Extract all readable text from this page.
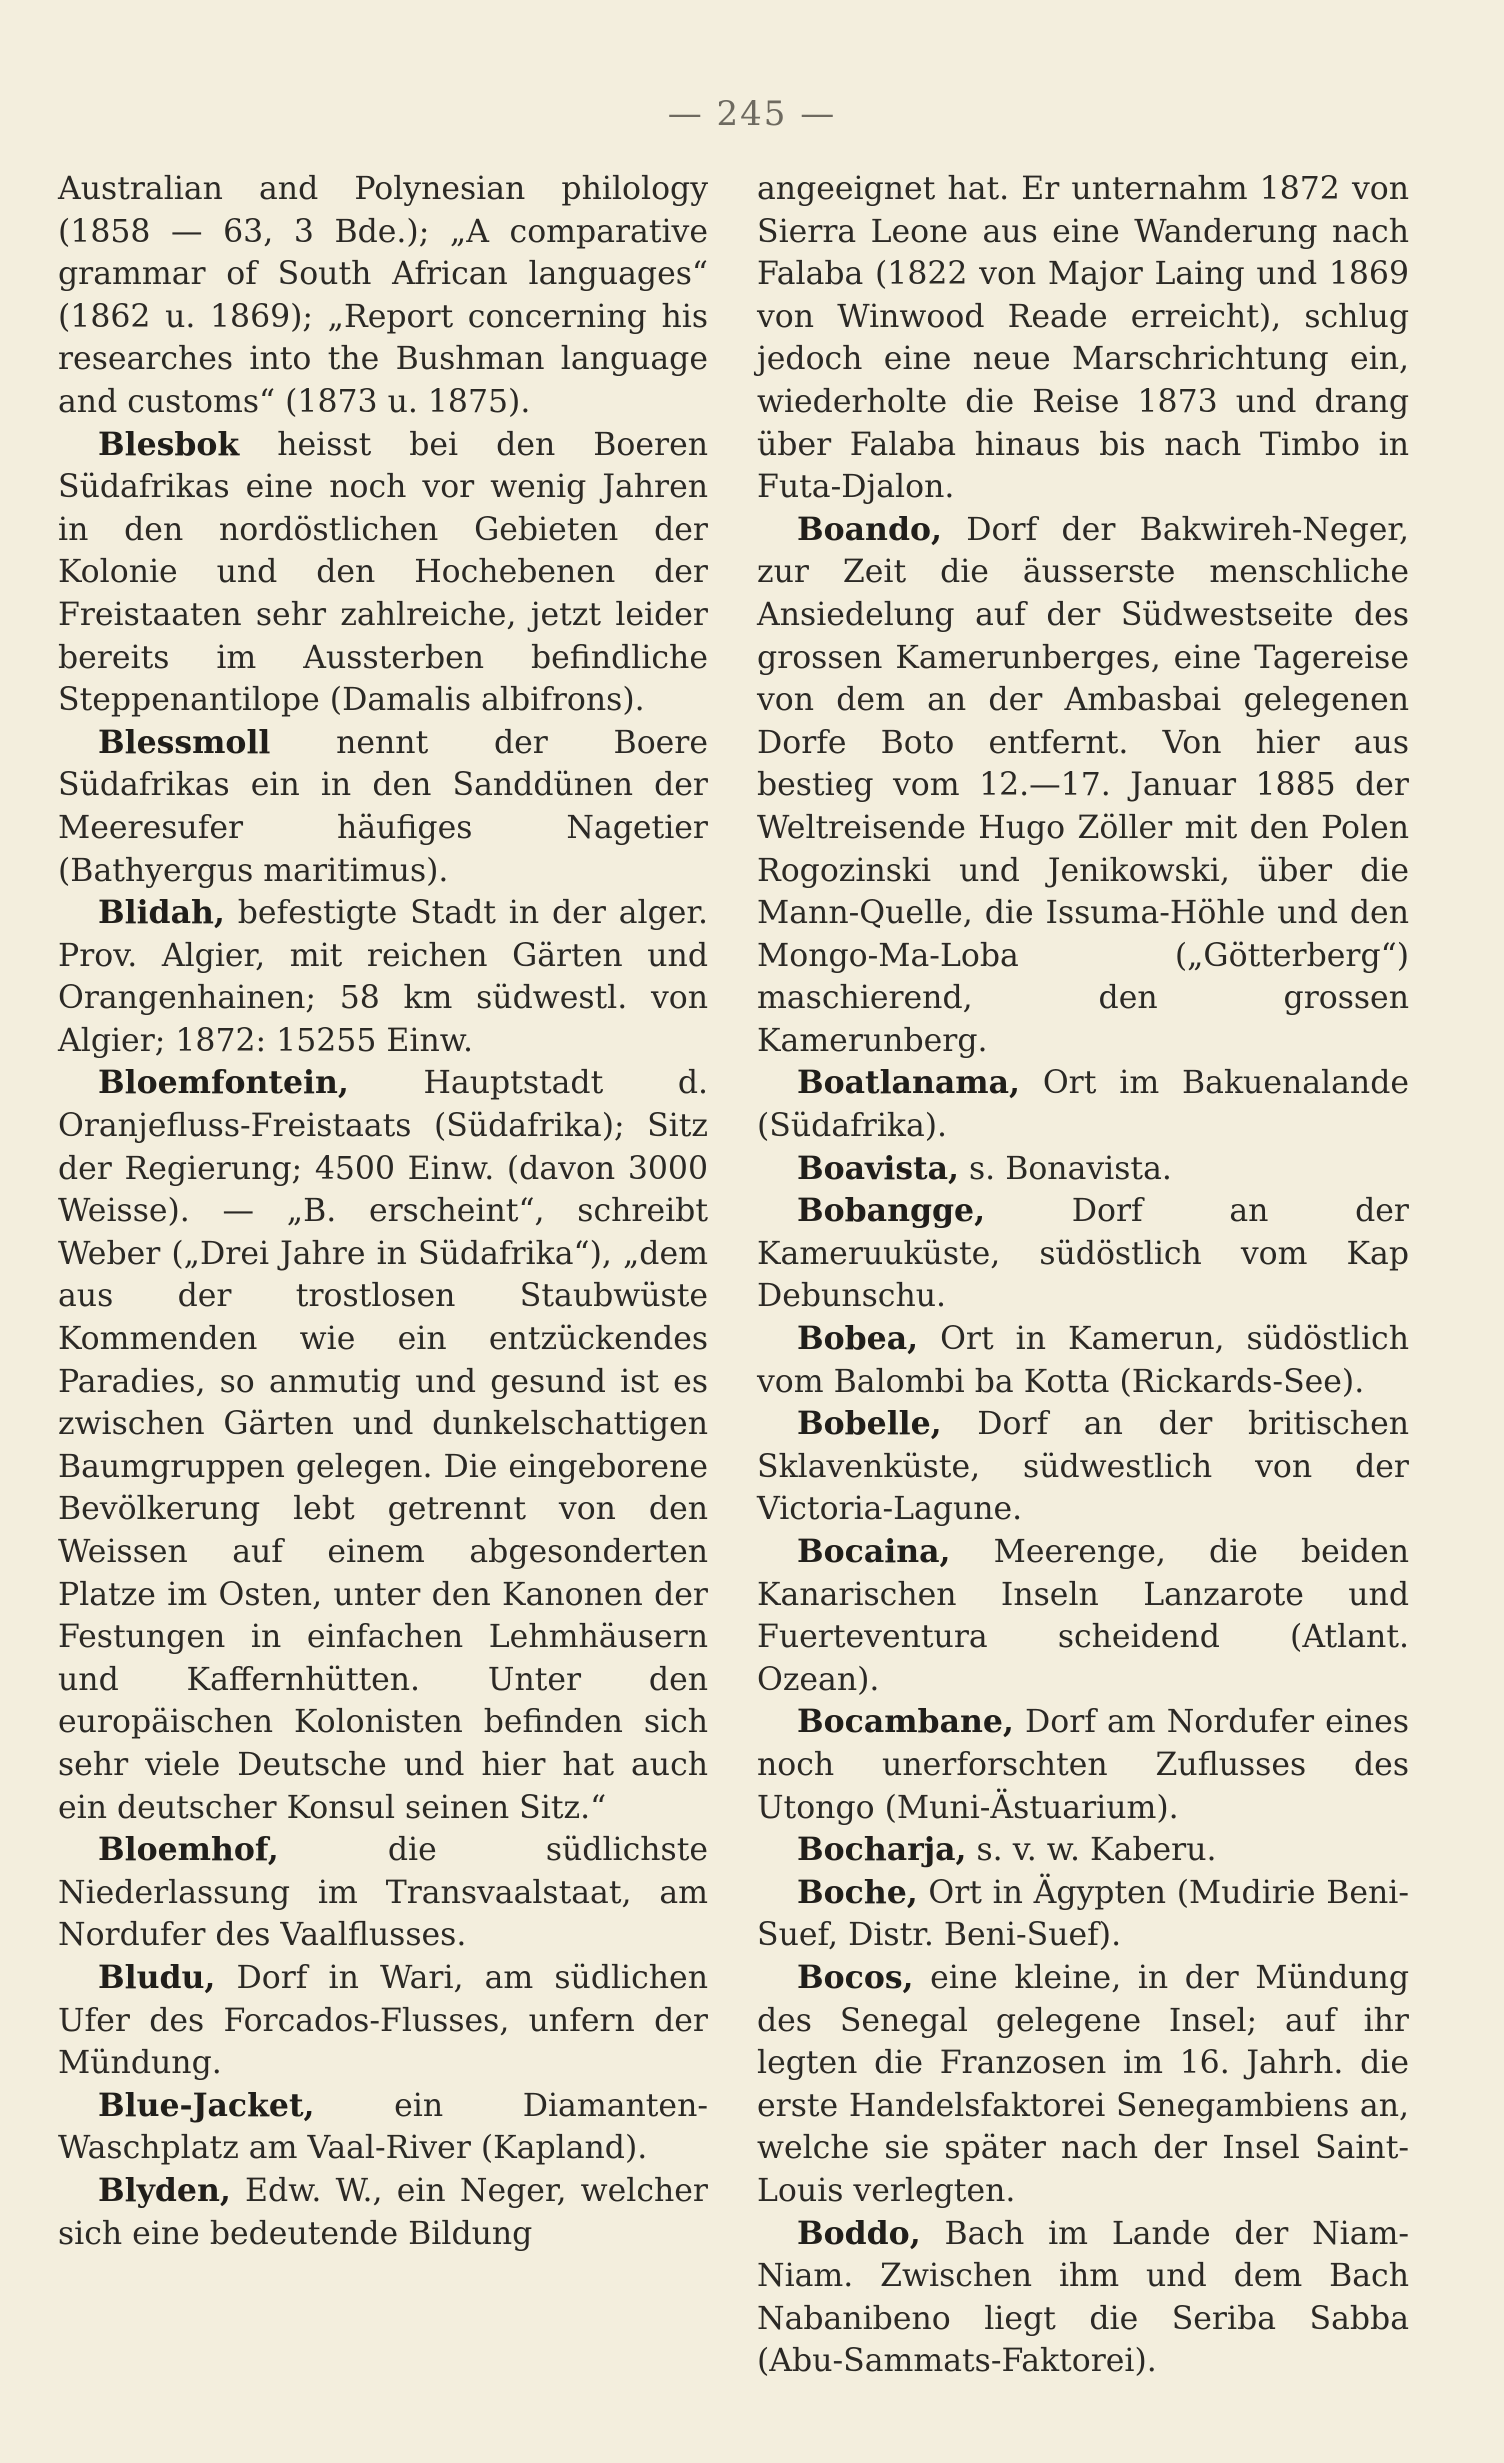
— 245 —

Australian and Polynesian philology (1858 — 63, 3 Bde.); „A comparative grammar of South African languages“ (1862 u. 1869); „Report concerning his researches into the Bushman language and customs“ (1873 u. 1875).

Blesbok heisst bei den Boeren Südafrikas eine noch vor wenig Jahren in den nordöstlichen Gebieten der Kolonie und den Hochebenen der Freistaaten sehr zahlreiche, jetzt leider bereits im Aussterben befindliche Steppenantilope (Damalis albifrons).

Blessmoll nennt der Boere Südafrikas ein in den Sanddünen der Meeresufer häufiges Nagetier (Bathyergus maritimus).

Blidah, befestigte Stadt in der alger. Prov. Algier, mit reichen Gärten und Orangenhainen; 58 km südwestl. von Algier; 1872: 15255 Einw.

Bloemfontein, Hauptstadt d. Oranjefluss-Freistaats (Südafrika); Sitz der Regierung; 4500 Einw. (davon 3000 Weisse). — „B. erscheint“, schreibt Weber („Drei Jahre in Südafrika“), „dem aus der trostlosen Staubwüste Kommenden wie ein entzückendes Paradies, so anmutig und gesund ist es zwischen Gärten und dunkelschattigen Baumgruppen gelegen. Die eingeborene Bevölkerung lebt getrennt von den Weissen auf einem abgesonderten Platze im Osten, unter den Kanonen der Festungen in einfachen Lehmhäusern und Kaffernhütten. Unter den europäischen Kolonisten befinden sich sehr viele Deutsche und hier hat auch ein deutscher Konsul seinen Sitz.“

Bloemhof,	die südlichste Niederlassung im Transvaalstaat, am Nordufer des Vaalflusses.

Bludu, Dorf in Wari, am südlichen Ufer des Forcados-Flusses, unfern der Mündung.

Blue-Jacket,	ein Diamanten-Waschplatz am Vaal-River (Kapland).

Blyden, Edw. W., ein Neger, welcher sich eine bedeutende Bildung

angeeignet hat. Er unternahm 1872 von Sierra Leone aus eine Wanderung nach Falaba (1822 von Major Laing und 1869 von Winwood Reade erreicht), schlug jedoch eine neue Marschrichtung ein, wiederholte die Reise 1873 und drang über Falaba hinaus bis nach Timbo in Futa-Djalon.

Boando, Dorf der Bakwireh-Neger, zur Zeit die äusserste menschliche Ansiedelung auf der Südwestseite des grossen Kamerunberges, eine Tagereise von dem an der Ambasbai gelegenen Dorfe Boto entfernt. Von hier aus bestieg vom 12.—17. Januar 1885 der Weltreisende Hugo Zöller mit den Polen Rogozinski und Jenikowski, über die Mann-Quelle, die Issuma-Höhle und den Mongo-Ma-Loba („Götterberg“) maschierend, den grossen Kamerunberg.

Boatlanama, Ort im Bakuenalande (Südafrika).

Boavista, s. Bonavista.

Bobangge,	Dorf an der Kameruuküste, südöstlich vom Kap Debunschu.

Bobea, Ort in Kamerun, südöstlich vom Balombi ba Kotta (Rickards-See).

Bobelle, Dorf an der britischen Sklavenküste, südwestlich von der Victoria-Lagune.

Bocaina, Meerenge, die beiden Kanarischen Inseln Lanzarote und Fuerteventura scheidend (Atlant. Ozean).

Bocambane, Dorf am Nordufer eines noch unerforschten Zuflusses des Utongo (Muni-Ästuarium).

Bocharja, s. v. w. Kaberu.

Boche, Ort in Ägypten (Mudirie Beni-Suef, Distr. Beni-Suef).

Bocos, eine kleine, in der Mündung des Senegal gelegene Insel; auf ihr legten die Franzosen im 16. Jahrh. die erste Handelsfaktorei Senegambiens an, welche sie später nach der Insel Saint-Louis verlegten.

Boddo, Bach im Lande der Niam-Niam. Zwischen ihm und dem Bach Nabanibeno liegt die Seriba Sabba (Abu-Sammats-Faktorei).
